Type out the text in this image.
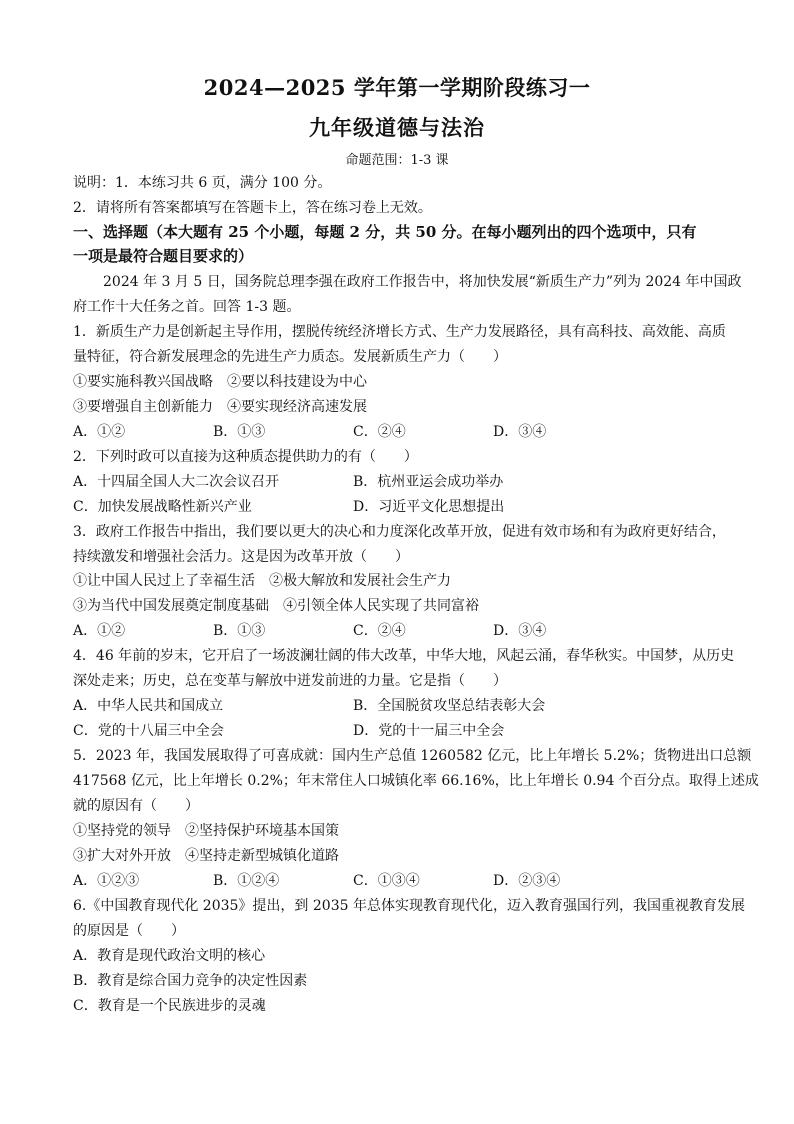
2024—2025 学年第一学期阶段练习一
九年级道德与法治
命题范围：1-3 课
说明：1．本练习共 6 页，满分 100 分。
2．请将所有答案都填写在答题卡上，答在练习卷上无效。
一、选择题（本大题有 25 个小题，每题 2 分，共 50 分。在每小题列出的四个选项中，只有
一项是最符合题目要求的）
2024 年 3 月 5 日，国务院总理李强在政府工作报告中，将加快发展“新质生产力”列为 2024 年中国政
府工作十大任务之首。回答 1-3 题。
1．新质生产力是创新起主导作用，摆脱传统经济增长方式、生产力发展路径，具有高科技、高效能、高质
量特征，符合新发展理念的先进生产力质态。发展新质生产力（　　）
①要实施科教兴国战略　②要以科技建设为中心
③要增强自主创新能力　④要实现经济高速发展
A．①②	B．①③	C．②④	D．③④
2．下列时政可以直接为这种质态提供助力的有（　　）
A．十四届全国人大二次会议召开	B．杭州亚运会成功举办
C．加快发展战略性新兴产业	D．习近平文化思想提出
3．政府工作报告中指出，我们要以更大的决心和力度深化改革开放，促进有效市场和有为政府更好结合，
持续激发和增强社会活力。这是因为改革开放（　　）
①让中国人民过上了幸福生活　②极大解放和发展社会生产力
③为当代中国发展奠定制度基础　④引领全体人民实现了共同富裕
A．①②	B．①③	C．②④	D．③④
4．46 年前的岁末，它开启了一场波澜壮阔的伟大改革，中华大地，风起云涌，春华秋实。中国梦，从历史
深处走来；历史，总在变革与解放中迸发前进的力量。它是指（　　）
A．中华人民共和国成立	B．全国脱贫攻坚总结表彰大会
C．党的十八届三中全会	D．党的十一届三中全会
5．2023 年，我国发展取得了可喜成就：国内生产总值 1260582 亿元，比上年增长 5.2%；货物进出口总额
417568 亿元，比上年增长 0.2%；年末常住人口城镇化率 66.16%，比上年增长 0.94 个百分点。取得上述成
就的原因有（　　）
①坚持党的领导　②坚持保护环境基本国策
③扩大对外开放　④坚持走新型城镇化道路
A．①②③	B．①②④	C．①③④	D．②③④
6.《中国教育现代化 2035》提出，到 2035 年总体实现教育现代化，迈入教育强国行列，我国重视教育发展
的原因是（　　）
A．教育是现代政治文明的核心
B．教育是综合国力竞争的决定性因素
C．教育是一个民族进步的灵魂
